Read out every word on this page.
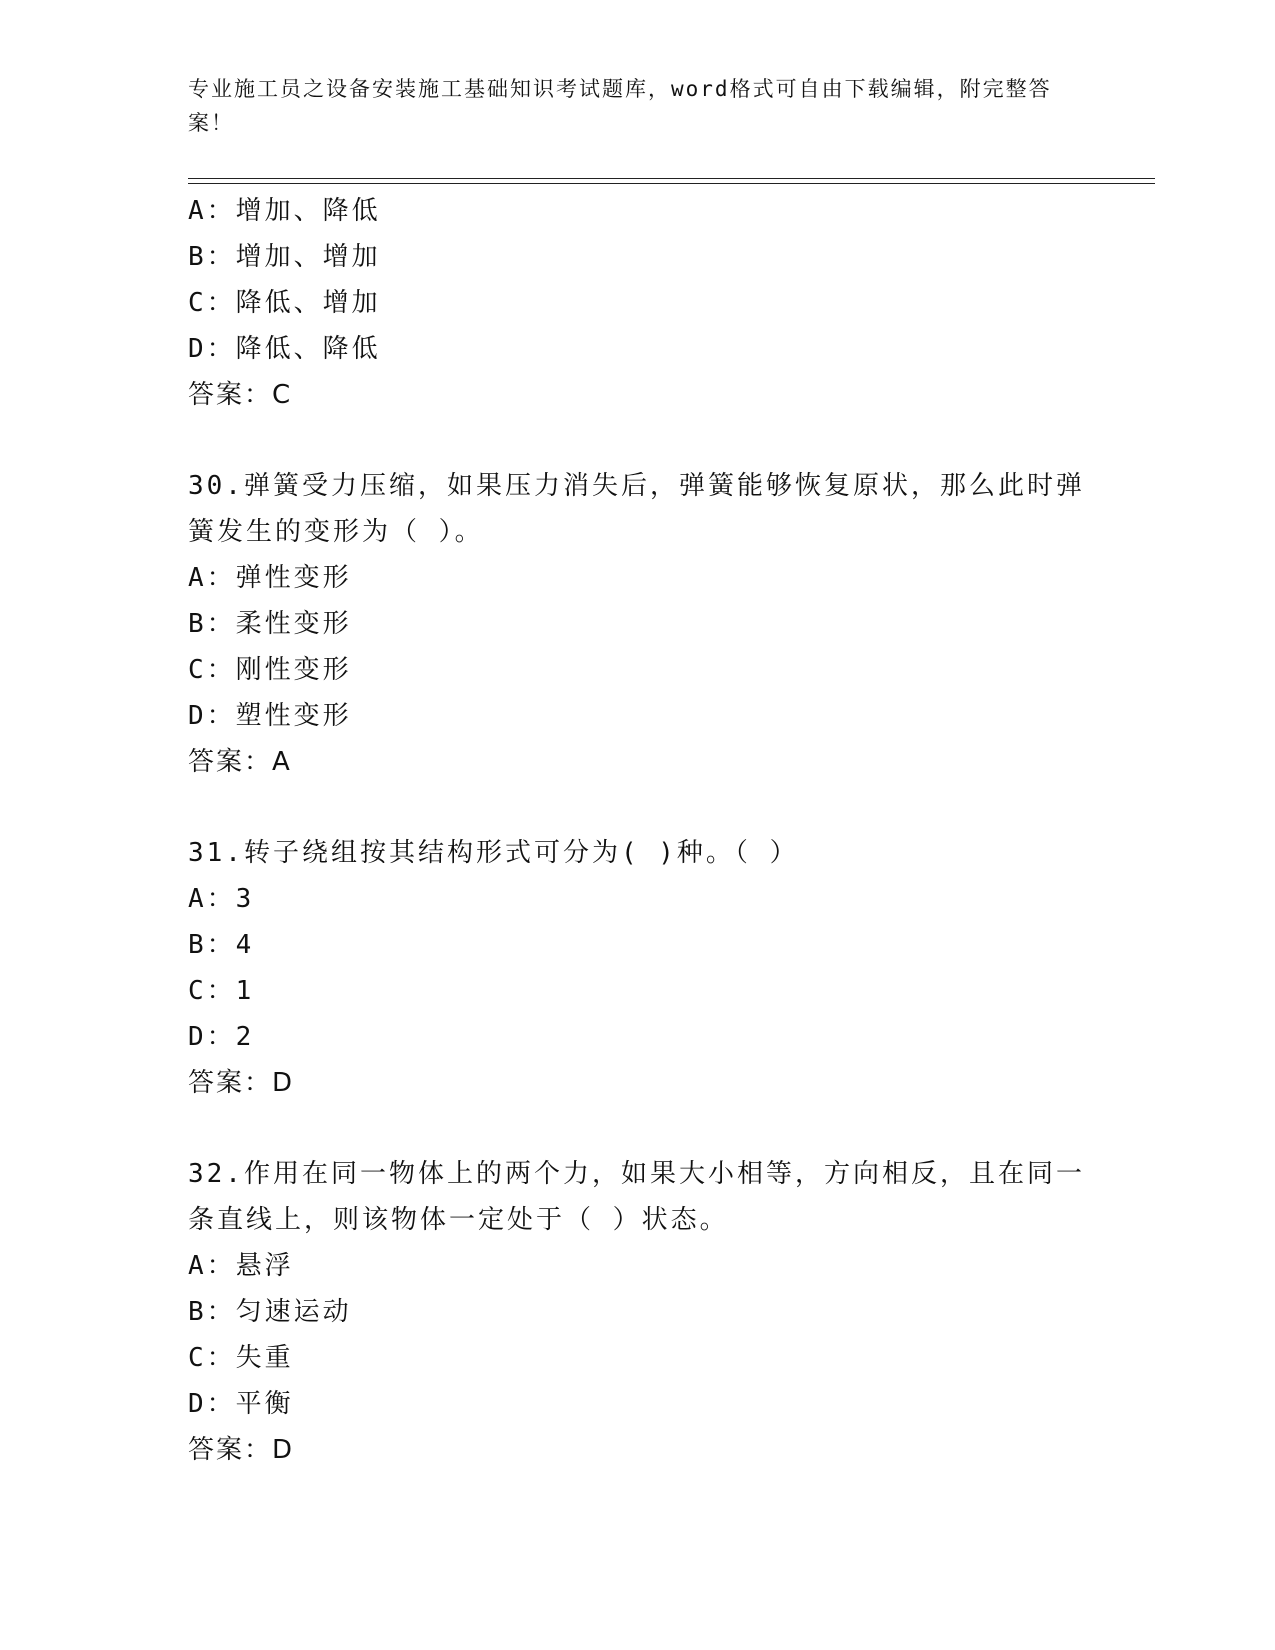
专业施工员之设备安装施工基础知识考试题库，word格式可自由下载编辑，附完整答案！
A：增加、降低
B：增加、增加
C：降低、增加
D：降低、降低
答案：C
30.弹簧受力压缩，如果压力消失后，弹簧能够恢复原状，那么此时弹
簧发生的变形为（ ）。
A：弹性变形
B：柔性变形
C：刚性变形
D：塑性变形
答案：A
31.转子绕组按其结构形式可分为( )种。（ ）
A：3
B：4
C：1
D：2
答案：D
32.作用在同一物体上的两个力，如果大小相等，方向相反，且在同一
条直线上，则该物体一定处于（ ）状态。
A：悬浮
B：匀速运动
C：失重
D：平衡
答案：D
